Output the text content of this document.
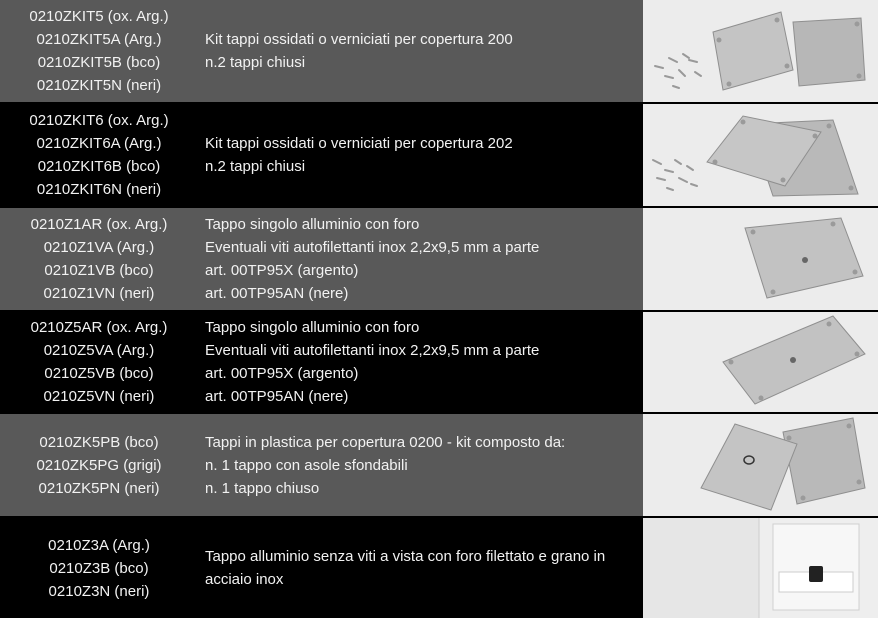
0210ZKIT5 (ox. Arg.)
0210ZKIT5A (Arg.)
0210ZKIT5B (bco)
0210ZKIT5N (neri)
Kit tappi ossidati o verniciati per copertura 200
n.2 tappi chiusi
0210ZKIT6 (ox. Arg.)
0210ZKIT6A (Arg.)
0210ZKIT6B (bco)
0210ZKIT6N (neri)
Kit tappi ossidati o verniciati per copertura 202
n.2 tappi chiusi
0210Z1AR (ox. Arg.)
0210Z1VA (Arg.)
0210Z1VB (bco)
0210Z1VN (neri)
Tappo singolo alluminio con foro
Eventuali viti autofilettanti inox 2,2x9,5 mm a parte
art. 00TP95X (argento)
art. 00TP95AN (nere)
0210Z5AR (ox. Arg.)
0210Z5VA (Arg.)
0210Z5VB (bco)
0210Z5VN (neri)
Tappo singolo alluminio con foro
Eventuali viti autofilettanti inox 2,2x9,5 mm a parte
art. 00TP95X (argento)
art. 00TP95AN (nere)
0210ZK5PB (bco)
0210ZK5PG (grigi)
0210ZK5PN (neri)
Tappi in plastica per copertura 0200 - kit composto da:
n. 1 tappo con asole sfondabili
n. 1 tappo chiuso
0210Z3A (Arg.)
0210Z3B (bco)
0210Z3N (neri)
Tappo alluminio senza viti a vista con foro filettato e grano in acciaio inox
